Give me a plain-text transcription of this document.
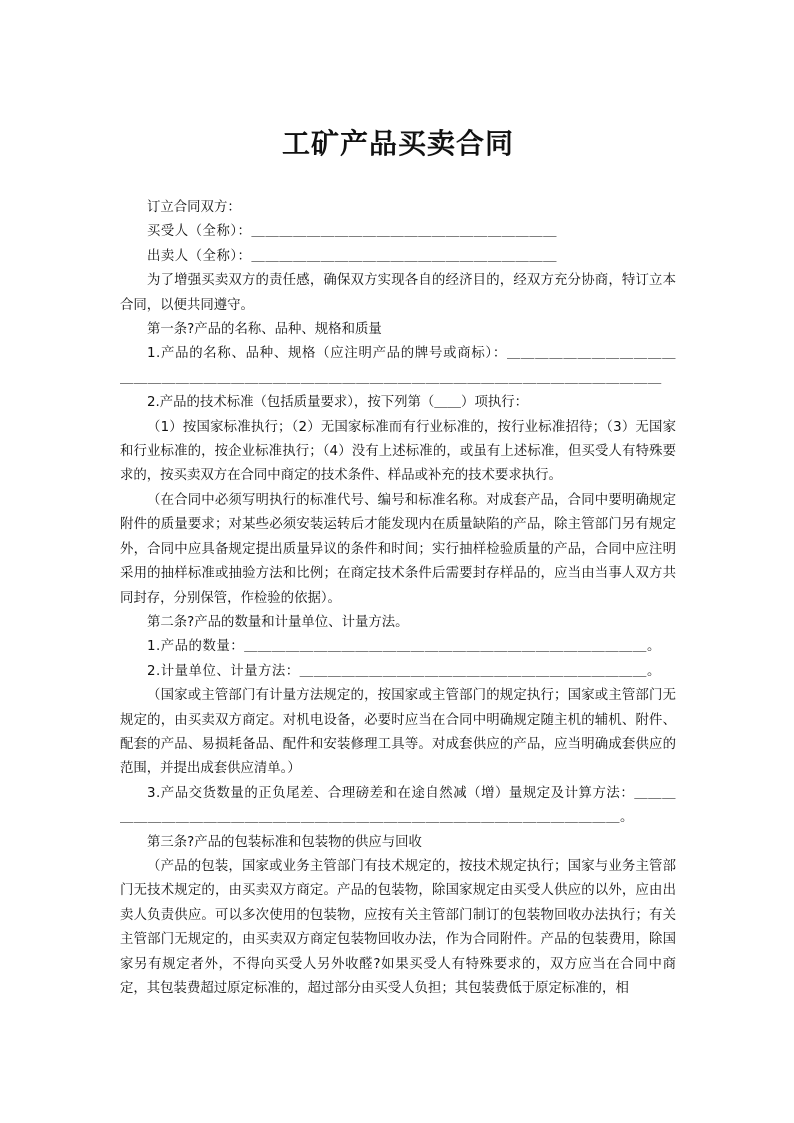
工矿产品买卖合同

订立合同双方：

买受人（全称）：＿＿＿＿＿＿＿＿＿＿＿＿＿＿＿＿＿＿＿＿＿＿

出卖人（全称）：＿＿＿＿＿＿＿＿＿＿＿＿＿＿＿＿＿＿＿＿＿＿

为了增强买卖双方的责任感，确保双方实现各自的经济目的，经双方充分协商，特订立本合同，以便共同遵守。

第一条?产品的名称、品种、规格和质量

1.产品的名称、品种、规格（应注明产品的牌号或商标）：＿＿＿＿＿＿＿＿＿＿＿＿＿＿＿＿＿＿＿＿＿＿＿＿＿＿＿＿＿＿＿＿＿＿＿＿＿＿＿＿＿＿＿＿＿＿＿＿＿＿＿

2.产品的技术标准（包括质量要求），按下列第（＿＿）项执行：

（1）按国家标准执行；（2）无国家标准而有行业标准的，按行业标准招待；（3）无国家和行业标准的，按企业标准执行；（4）没有上述标准的，或虽有上述标准，但买受人有特殊要求的，按买卖双方在合同中商定的技术条件、样品或补充的技术要求执行。

（在合同中必须写明执行的标准代号、编号和标准名称。对成套产品，合同中要明确规定附件的质量要求；对某些必须安装运转后才能发现内在质量缺陷的产品，除主管部门另有规定外，合同中应具备规定提出质量异议的条件和时间；实行抽样检验质量的产品，合同中应注明采用的抽样标准或抽验方法和比例；在商定技术条件后需要封存样品的，应当由当事人双方共同封存，分别保管，作检验的依据）。

第二条?产品的数量和计量单位、计量方法。

1.产品的数量：＿＿＿＿＿＿＿＿＿＿＿＿＿＿＿＿＿＿＿＿＿＿＿＿＿＿＿＿＿。

2.计量单位、计量方法：＿＿＿＿＿＿＿＿＿＿＿＿＿＿＿＿＿＿＿＿＿＿＿＿＿。

（国家或主管部门有计量方法规定的，按国家或主管部门的规定执行；国家或主管部门无规定的，由买卖双方商定。对机电设备，必要时应当在合同中明确规定随主机的辅机、附件、配套的产品、易损耗备品、配件和安装修理工具等。对成套供应的产品，应当明确成套供应的范围，并提出成套供应清单。）

3.产品交货数量的正负尾差、合理磅差和在途自然减（增）量规定及计算方法：＿＿＿＿＿＿＿＿＿＿＿＿＿＿＿＿＿＿＿＿＿＿＿＿＿＿＿＿＿＿＿＿＿＿＿＿＿＿＿。

第三条?产品的包装标准和包装物的供应与回收

（产品的包装，国家或业务主管部门有技术规定的，按技术规定执行；国家与业务主管部门无技术规定的，由买卖双方商定。产品的包装物，除国家规定由买受人供应的以外，应由出卖人负责供应。可以多次使用的包装物，应按有关主管部门制订的包装物回收办法执行；有关主管部门无规定的，由买卖双方商定包装物回收办法，作为合同附件。产品的包装费用，除国家另有规定者外，不得向买受人另外收醛?如果买受人有特殊要求的，双方应当在合同中商定，其包装费超过原定标准的，超过部分由买受人负担；其包装费低于原定标准的，相
